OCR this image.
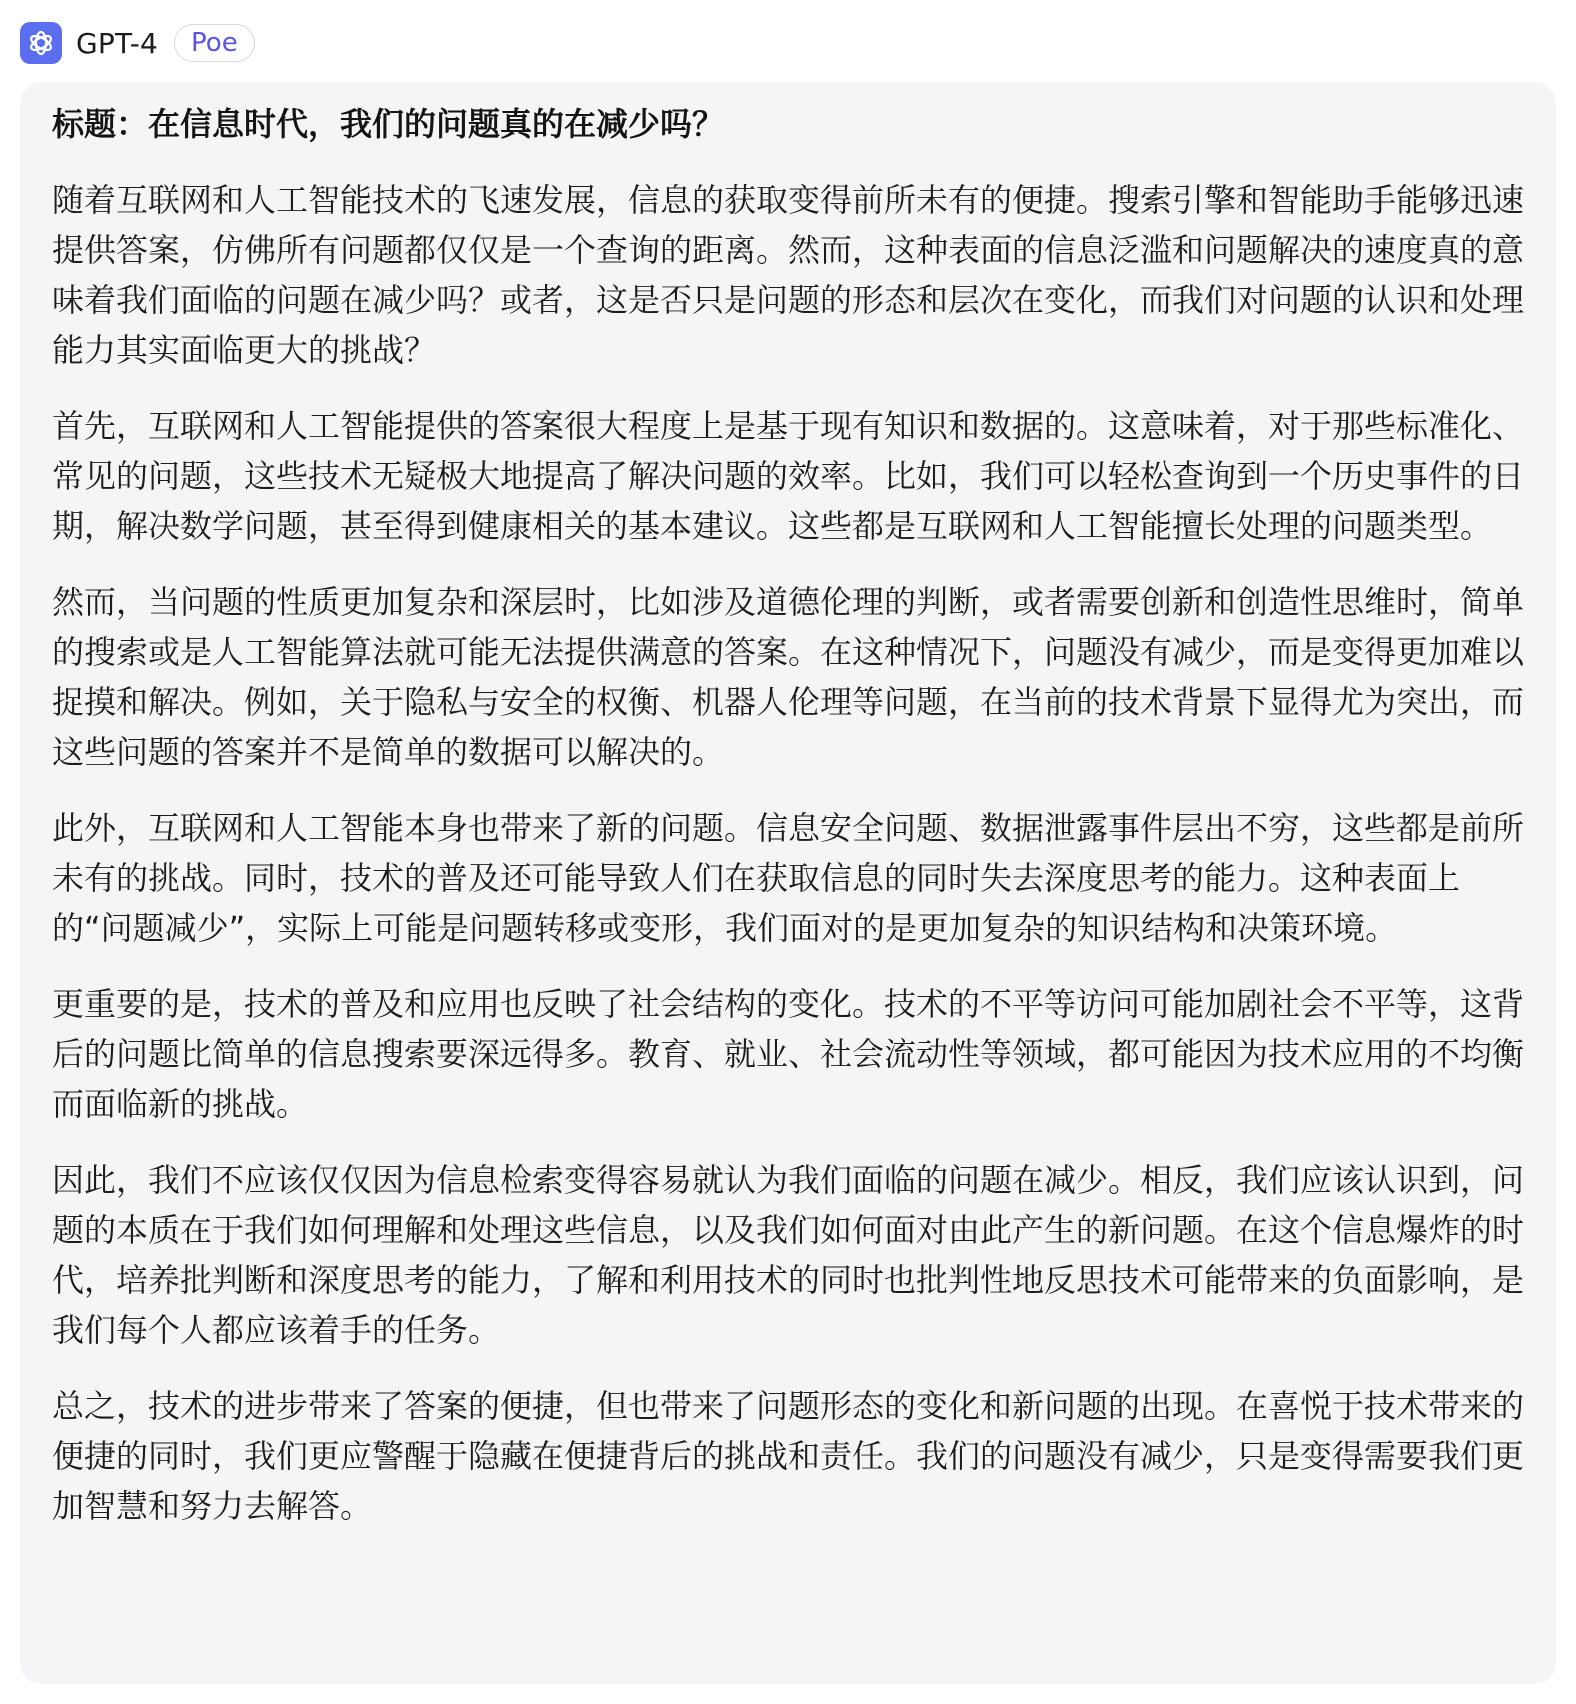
GPT-4	Poe

标题：在信息时代，我们的问题真的在减少吗？

随着互联网和人工智能技术的飞速发展，信息的获取变得前所未有的便捷。搜索引擎和智能助手能够迅速提供答案，仿佛所有问题都仅仅是一个查询的距离。然而，这种表面的信息泛滥和问题解决的速度真的意味着我们面临的问题在减少吗？或者，这是否只是问题的形态和层次在变化，而我们对问题的认识和处理能力其实面临更大的挑战？

首先，互联网和人工智能提供的答案很大程度上是基于现有知识和数据的。这意味着，对于那些标准化、常见的问题，这些技术无疑极大地提高了解决问题的效率。比如，我们可以轻松查询到一个历史事件的日期，解决数学问题，甚至得到健康相关的基本建议。这些都是互联网和人工智能擅长处理的问题类型。

然而，当问题的性质更加复杂和深层时，比如涉及道德伦理的判断，或者需要创新和创造性思维时，简单的搜索或是人工智能算法就可能无法提供满意的答案。在这种情况下，问题没有减少，而是变得更加难以捉摸和解决。例如，关于隐私与安全的权衡、机器人伦理等问题，在当前的技术背景下显得尤为突出，而这些问题的答案并不是简单的数据可以解决的。

此外，互联网和人工智能本身也带来了新的问题。信息安全问题、数据泄露事件层出不穷，这些都是前所未有的挑战。同时，技术的普及还可能导致人们在获取信息的同时失去深度思考的能力。这种表面上的“问题减少”，实际上可能是问题转移或变形，我们面对的是更加复杂的知识结构和决策环境。

更重要的是，技术的普及和应用也反映了社会结构的变化。技术的不平等访问可能加剧社会不平等，这背后的问题比简单的信息搜索要深远得多。教育、就业、社会流动性等领域，都可能因为技术应用的不均衡而面临新的挑战。

因此，我们不应该仅仅因为信息检索变得容易就认为我们面临的问题在减少。相反，我们应该认识到，问题的本质在于我们如何理解和处理这些信息，以及我们如何面对由此产生的新问题。在这个信息爆炸的时代，培养批判断和深度思考的能力，了解和利用技术的同时也批判性地反思技术可能带来的负面影响，是我们每个人都应该着手的任务。

总之，技术的进步带来了答案的便捷，但也带来了问题形态的变化和新问题的出现。在喜悦于技术带来的便捷的同时，我们更应警醒于隐藏在便捷背后的挑战和责任。我们的问题没有减少，只是变得需要我们更加智慧和努力去解答。
